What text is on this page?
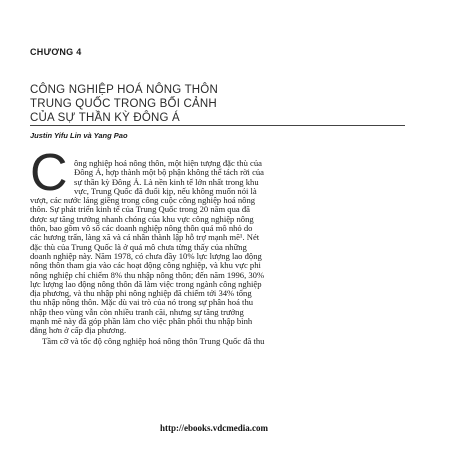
CHƯƠNG 4
CÔNG NGHIỆP HOÁ NÔNG THÔN
TRUNG QUỐC TRONG BỐI CẢNH
CỦA SỰ THẦN KỲ ĐÔNG Á
Justin Yifu Lin và Yang Pao
C ông nghiệp hoá nông thôn, một hiện tượng đặc thù của
Đông Á, hợp thành một bộ phận không thể tách rời của
sự thần kỳ Đông Á. Là nền kinh tế lớn nhất trong khu
vực, Trung Quốc đã đuổi kịp, nếu không muốn nói là
vượt, các nước láng giềng trong công cuộc công nghiệp hoá nông
thôn. Sự phát triển kinh tế của Trung Quốc trong 20 năm qua đã
được sự tăng trưởng nhanh chóng của khu vực công nghiệp nông
thôn, bao gồm vô số các doanh nghiệp nông thôn quá mô nhỏ do
các hương trấn, làng xã và cá nhân thành lập hỗ trợ mạnh mẽ¹. Nét
đặc thù của Trung Quốc là ở quá mô chưa từng thấy của những
doanh nghiệp này. Năm 1978, có chưa đầy 10% lực lượng lao động
nông thôn tham gia vào các hoạt động công nghiệp, và khu vực phi
nông nghiệp chỉ chiếm 8% thu nhập nông thôn; đến năm 1996, 30%
lực lượng lao động nông thôn đã làm việc trong ngành công nghiệp
địa phương, và thu nhập phi nông nghiệp đã chiếm tới 34% tổng
thu nhập nông thôn. Mặc dù vai trò của nó trong sự phân hoá thu
nhập theo vùng vẫn còn nhiều tranh cãi, nhưng sự tăng trưởng
mạnh mẽ này đã góp phần làm cho việc phân phối thu nhập bình
đẳng hơn ở cấp địa phương.
Tầm cỡ và tốc độ công nghiệp hoá nông thôn Trung Quốc đã thu
http://ebooks.vdcmedia.com
